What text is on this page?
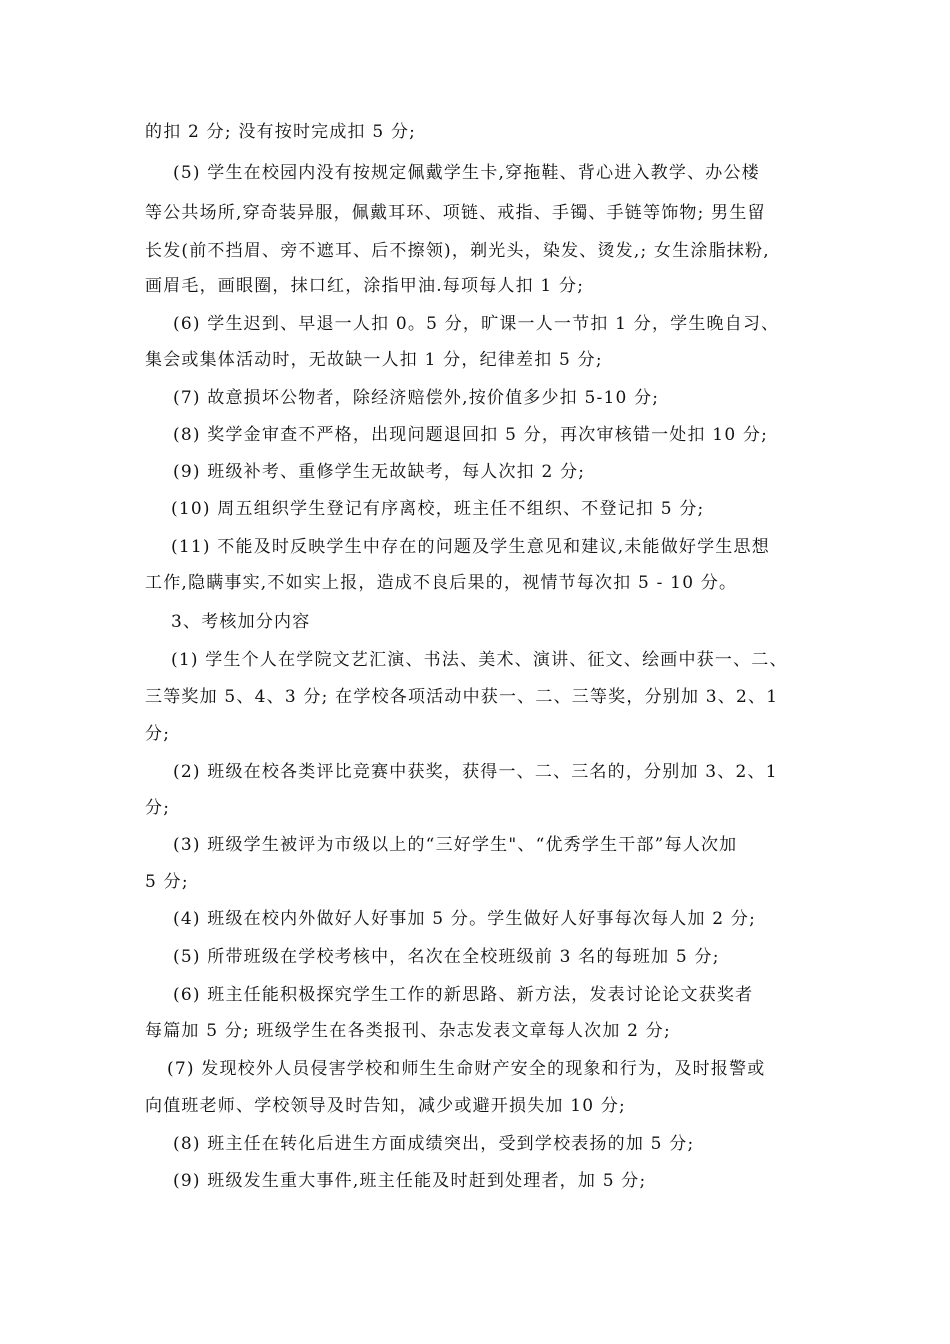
的扣 2 分; 没有按时完成扣 5 分;
(5) 学生在校园内没有按规定佩戴学生卡,穿拖鞋、背心进入教学、办公楼
等公共场所,穿奇装异服，佩戴耳环、项链、戒指、手镯、手链等饰物; 男生留
长发(前不挡眉、旁不遮耳、后不擦领)，剃光头，染发、烫发,; 女生涂脂抹粉,
画眉毛，画眼圈，抹口红，涂指甲油.每项每人扣 1 分;
(6) 学生迟到、早退一人扣 0。5 分，旷课一人一节扣 1 分，学生晚自习、
集会或集体活动时，无故缺一人扣 1 分，纪律差扣 5 分;
(7) 故意损坏公物者，除经济赔偿外,按价值多少扣 5-10 分;
(8) 奖学金审查不严格，出现问题退回扣 5 分，再次审核错一处扣 10 分;
(9) 班级补考、重修学生无故缺考，每人次扣 2 分;
(10) 周五组织学生登记有序离校，班主任不组织、不登记扣 5 分;
(11) 不能及时反映学生中存在的问题及学生意见和建议,未能做好学生思想
工作,隐瞒事实,不如实上报，造成不良后果的，视情节每次扣 5 - 10 分。
3、考核加分内容
(1) 学生个人在学院文艺汇演、书法、美术、演讲、征文、绘画中获一、二、
三等奖加 5、4、3 分; 在学校各项活动中获一、二、三等奖，分别加 3、2、1
分;
(2) 班级在校各类评比竞赛中获奖，获得一、二、三名的，分别加 3、2、1
分;
(3) 班级学生被评为市级以上的“三好学生"、“优秀学生干部”每人次加
5 分;
(4) 班级在校内外做好人好事加 5 分。学生做好人好事每次每人加 2 分;
(5) 所带班级在学校考核中，名次在全校班级前 3 名的每班加 5 分;
(6) 班主任能积极探究学生工作的新思路、新方法，发表讨论论文获奖者
每篇加 5 分; 班级学生在各类报刊、杂志发表文章每人次加 2 分;
(7) 发现校外人员侵害学校和师生生命财产安全的现象和行为，及时报警或
向值班老师、学校领导及时告知，减少或避开损失加 10 分;
(8) 班主任在转化后进生方面成绩突出，受到学校表扬的加 5 分;
(9) 班级发生重大事件,班主任能及时赶到处理者，加 5 分;
